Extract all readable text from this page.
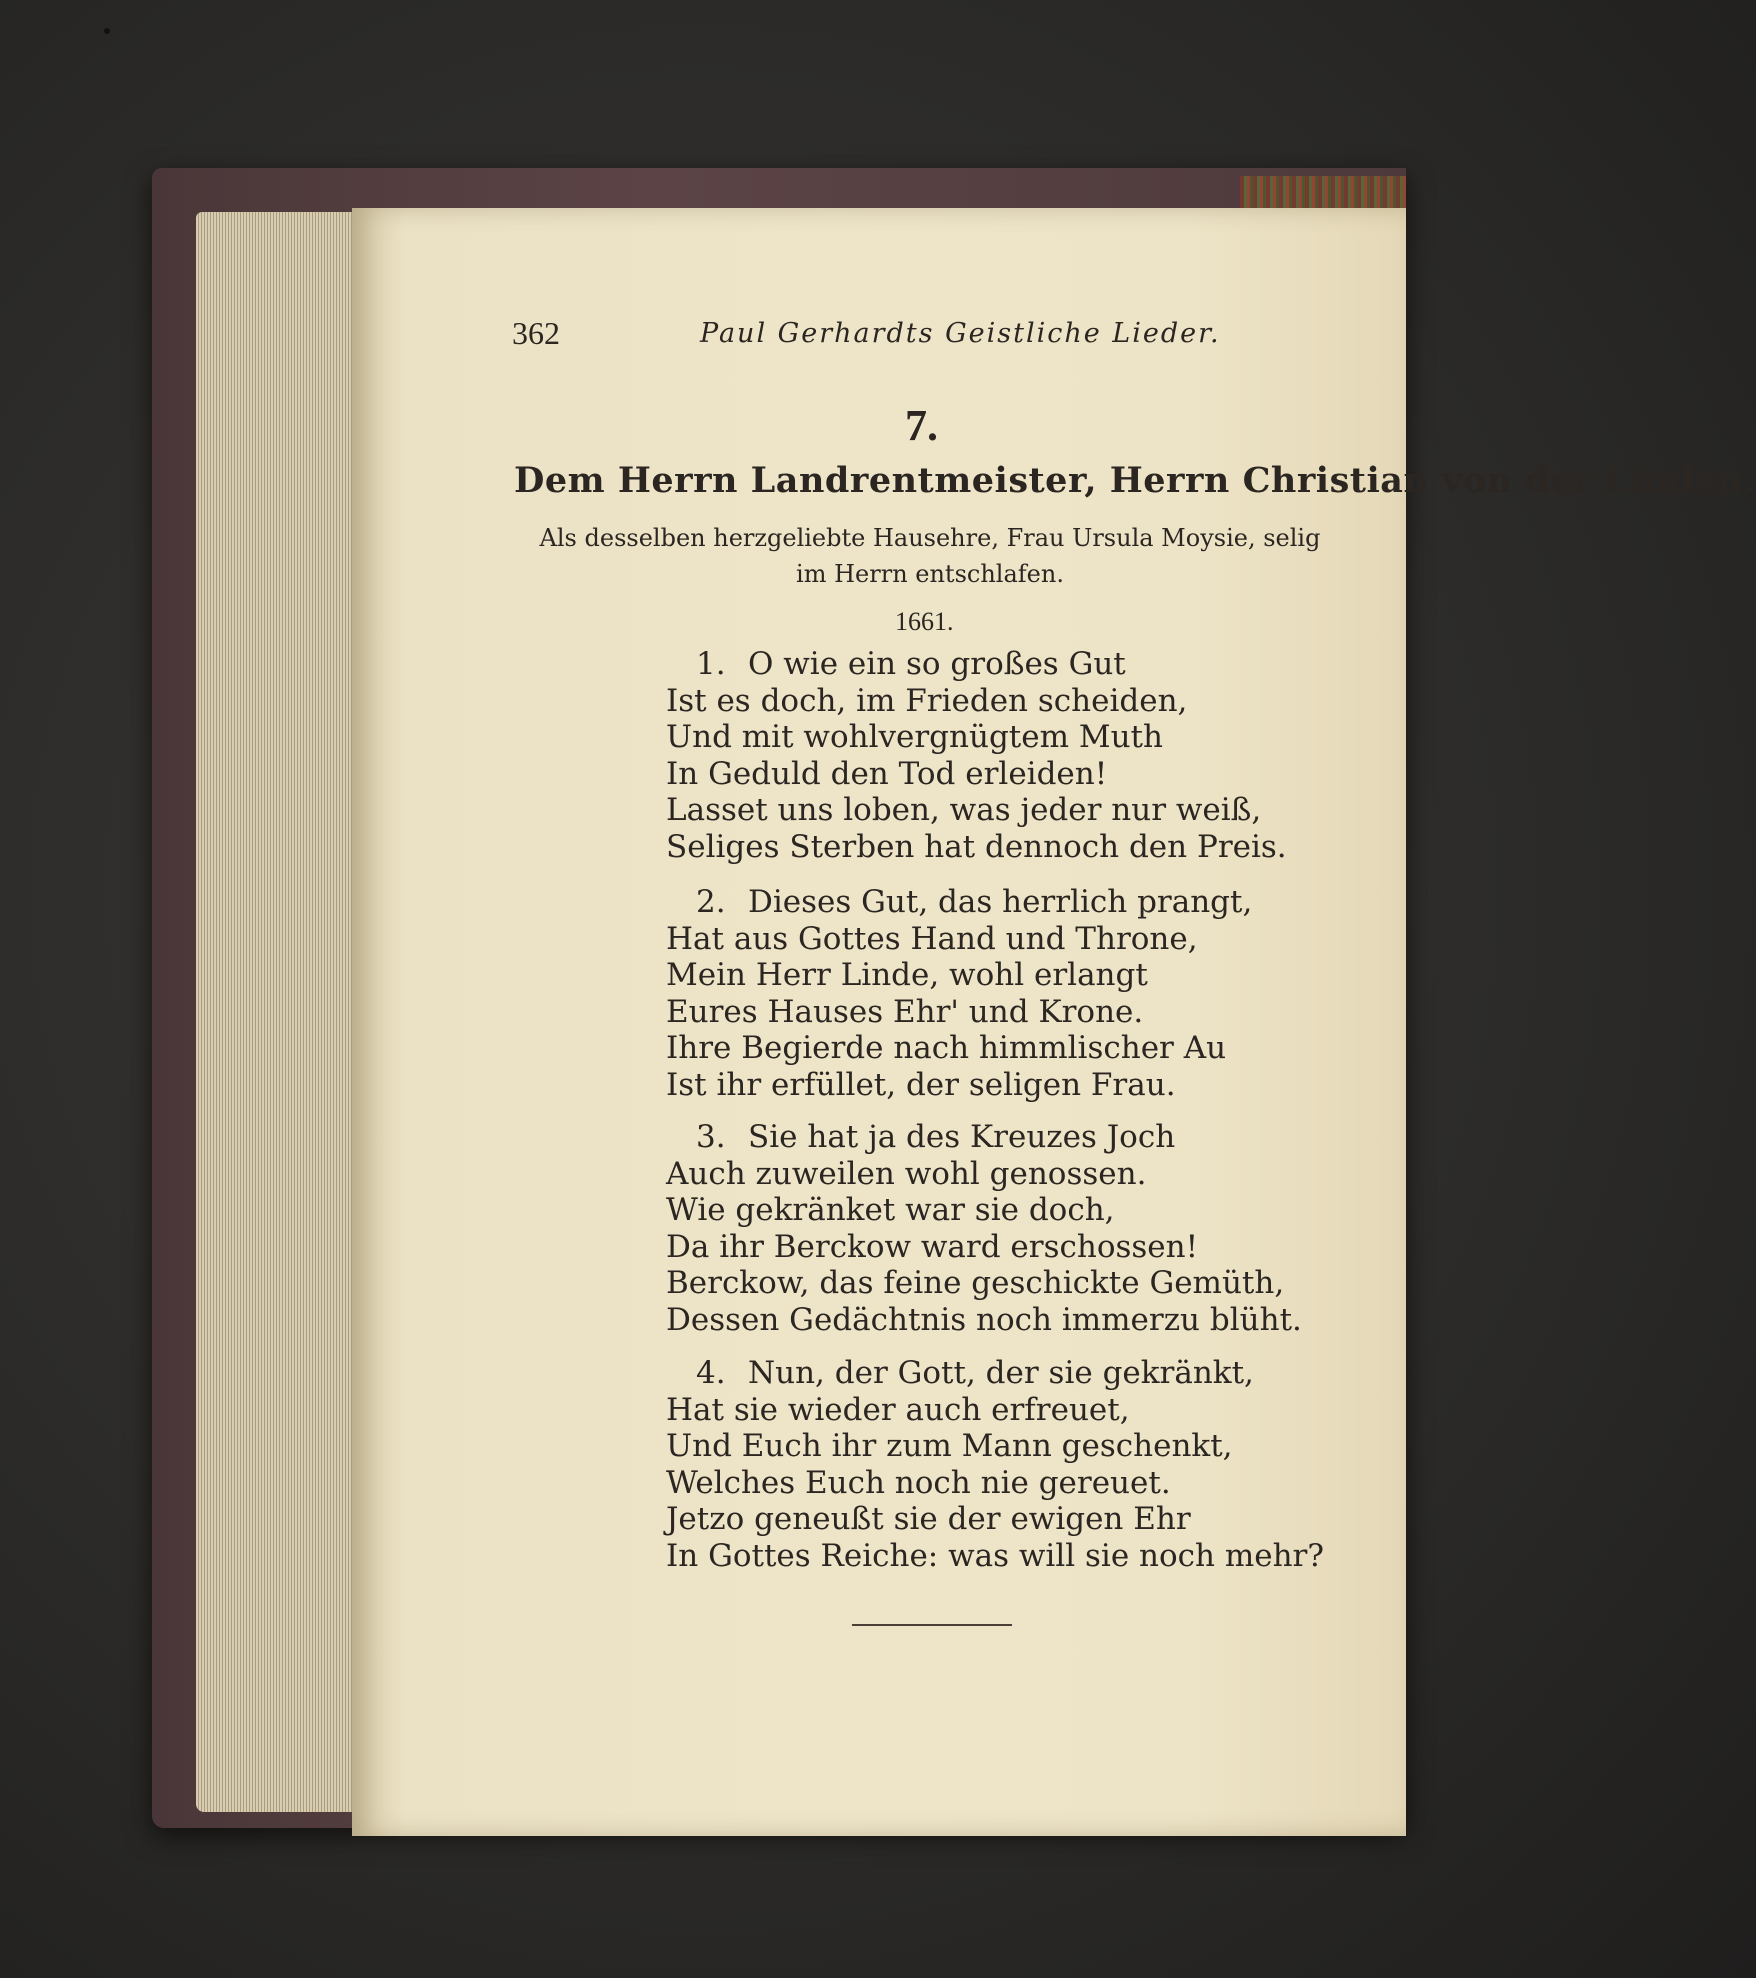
362	Paul Gerhardts Geistliche Lieder.
7.
Dem Herrn Landrentmeister, Herrn Christian von der Linden.
Als desselben herzgeliebte Hausehre, Frau Ursula Moysie, selig
im Herrn entschlafen.
1661.
1. O wie ein so großes Gut
Ist es doch, im Frieden scheiden,
Und mit wohlvergnügtem Muth
In Geduld den Tod erleiden!
Lasset uns loben, was jeder nur weiß,
Seliges Sterben hat dennoch den Preis.
2. Dieses Gut, das herrlich prangt,
Hat aus Gottes Hand und Throne,
Mein Herr Linde, wohl erlangt
Eures Hauses Ehr' und Krone.
Ihre Begierde nach himmlischer Au
Ist ihr erfüllet, der seligen Frau.
3. Sie hat ja des Kreuzes Joch
Auch zuweilen wohl genossen.
Wie gekränket war sie doch,
Da ihr Berckow ward erschossen!
Berckow, das feine geschickte Gemüth,
Dessen Gedächtnis noch immerzu blüht.
4. Nun, der Gott, der sie gekränkt,
Hat sie wieder auch erfreuet,
Und Euch ihr zum Mann geschenkt,
Welches Euch noch nie gereuet.
Jetzo geneußt sie der ewigen Ehr
In Gottes Reiche: was will sie noch mehr?
